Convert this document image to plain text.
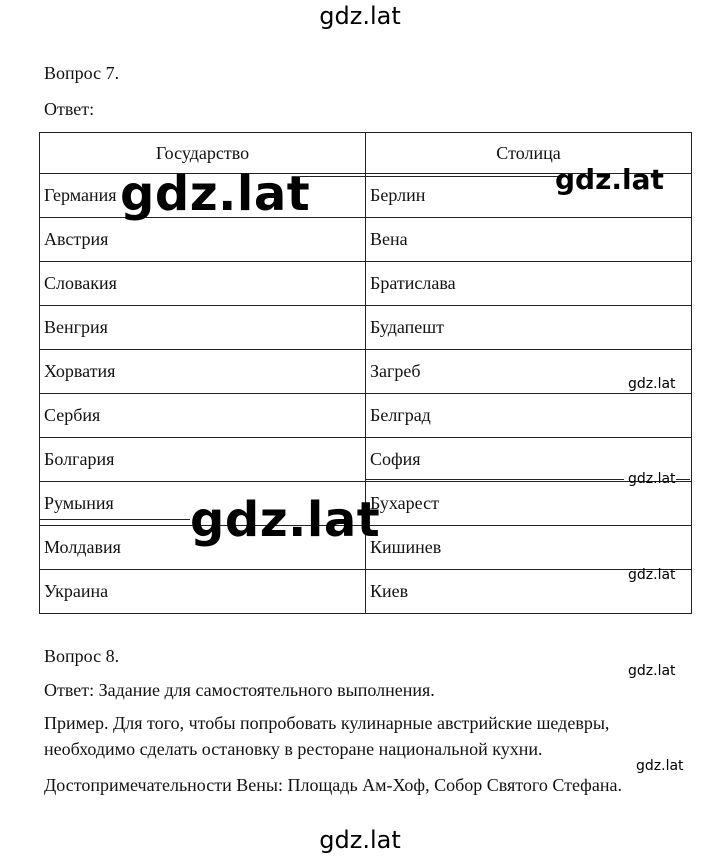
gdz.lat
Вопрос 7.
Ответ:
Государство	Столица
Германия	Берлин
Австрия	Вена
Словакия	Братислава
Венгрия	Будапешт
Хорватия	Загреб
Сербия	Белград
Болгария	София
Румыния	Бухарест
Молдавия	Кишинев
Украина	Киев
gdz.lat	gdz.lat
gdz.lat
gdz.lat
gdz.lat
gdz.lat
Вопрос 8.
gdz.lat
Ответ: Задание для самостоятельного выполнения.
Пример. Для того, чтобы попробовать кулинарные австрийские шедевры,
необходимо сделать остановку в ресторане национальной кухни.
gdz.lat
Достопримечательности Вены: Площадь Ам-Хоф, Собор Святого Стефана.
gdz.lat
